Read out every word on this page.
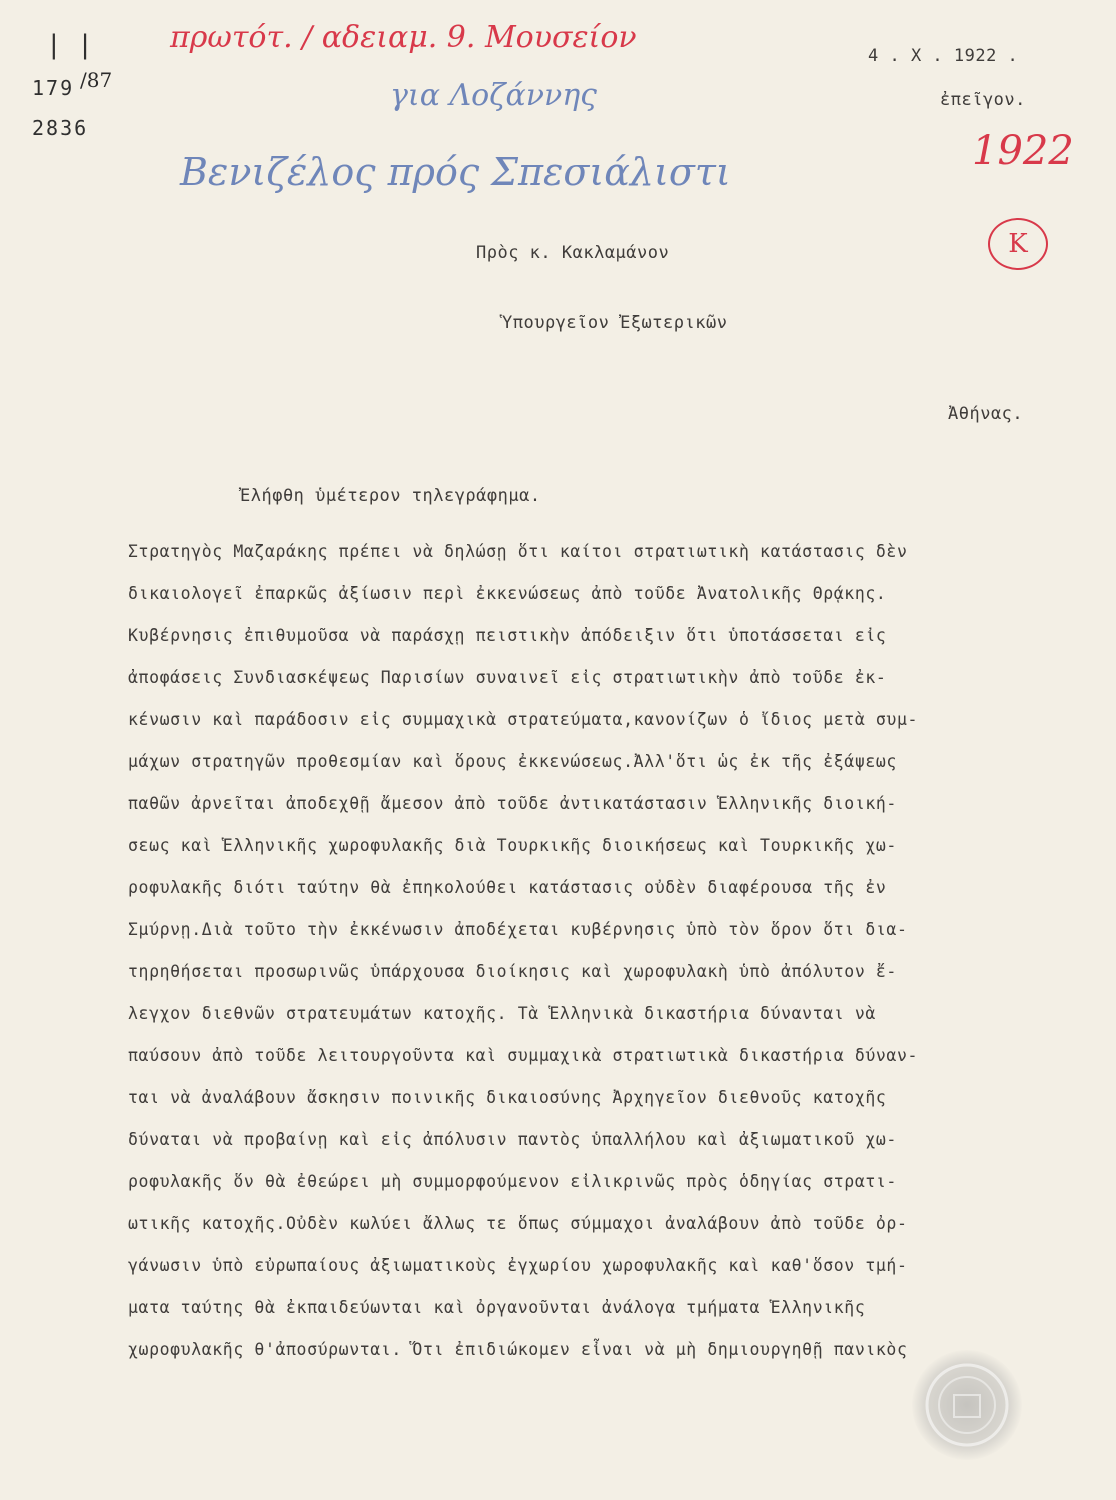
| |
179 /87
2836
πρωτότ. / αδειαμ. 9. Μουσείον
για Λοζάννης
Βενιζέλος πρός Σπεσιάλιστι	1922
K
4 . X . 1922 .
ἐπεῖγον.
Πρὸς κ. Κακλαμάνον
Ὑπουργεῖον Ἐξωτερικῶν
Ἀθήνας.
Ἐλήφθη ὑμέτερον τηλεγράφημα.
Στρατηγὸς Μαζαράκης πρέπει νὰ δηλώσῃ ὅτι καίτοι στρατιωτικὴ κατάστασις δὲν
δικαιολογεῖ ἐπαρκῶς ἀξίωσιν περὶ ἐκκενώσεως ἀπὸ τοῦδε Ἀνατολικῆς Θρᾴκης.
Κυβέρνησις ἐπιθυμοῦσα νὰ παράσχῃ πειστικὴν ἀπόδειξιν ὅτι ὑποτάσσεται εἰς
ἀποφάσεις Συνδιασκέψεως Παρισίων συναινεῖ εἰς στρατιωτικὴν ἀπὸ τοῦδε ἐκ-
κένωσιν καὶ παράδοσιν εἰς συμμαχικὰ στρατεύματα,κανονίζων ὁ ἴδιος μετὰ συμ-
μάχων στρατηγῶν προθεσμίαν καὶ ὅρους ἐκκενώσεως.Ἀλλ'ὅτι ὡς ἐκ τῆς ἐξάψεως
παθῶν ἀρνεῖται ἀποδεχθῇ ἄμεσον ἀπὸ τοῦδε ἀντικατάστασιν Ἑλληνικῆς διοική-
σεως καὶ Ἑλληνικῆς χωροφυλακῆς διὰ Τουρκικῆς διοικήσεως καὶ Τουρκικῆς χω-
ροφυλακῆς διότι ταύτην θὰ ἐπηκολούθει κατάστασις οὐδὲν διαφέρουσα τῆς ἐν
Σμύρνῃ.Διὰ τοῦτο τὴν ἐκκένωσιν ἀποδέχεται κυβέρνησις ὑπὸ τὸν ὅρον ὅτι δια-
τηρηθήσεται προσωρινῶς ὑπάρχουσα διοίκησις καὶ χωροφυλακὴ ὑπὸ ἀπόλυτον ἔ-
λεγχον διεθνῶν στρατευμάτων κατοχῆς. Τὰ Ἑλληνικὰ δικαστήρια δύνανται νὰ
παύσουν ἀπὸ τοῦδε λειτουργοῦντα καὶ συμμαχικὰ στρατιωτικὰ δικαστήρια δύναν-
ται νὰ ἀναλάβουν ἄσκησιν ποινικῆς δικαιοσύνης Ἀρχηγεῖον διεθνοῦς κατοχῆς
δύναται νὰ προβαίνῃ καὶ εἰς ἀπόλυσιν παντὸς ὑπαλλήλου καὶ ἀξιωματικοῦ χω-
ροφυλακῆς ὅν θὰ ἐθεώρει μὴ συμμορφούμενον εἰλικρινῶς πρὸς ὁδηγίας στρατι-
ωτικῆς κατοχῆς.Οὐδὲν κωλύει ἄλλως τε ὅπως σύμμαχοι ἀναλάβουν ἀπὸ τοῦδε ὀρ-
γάνωσιν ὑπὸ εὐρωπαίους ἀξιωματικοὺς ἐγχωρίου χωροφυλακῆς καὶ καθ'ὅσον τμή-
ματα ταύτης θὰ ἐκπαιδεύωνται καὶ ὀργανοῦνται ἀνάλογα τμήματα Ἑλληνικῆς
χωροφυλακῆς θ'ἀποσύρωνται. Ὅτι ἐπιδιώκομεν εἶναι νὰ μὴ δημιουργηθῇ πανικὸς
